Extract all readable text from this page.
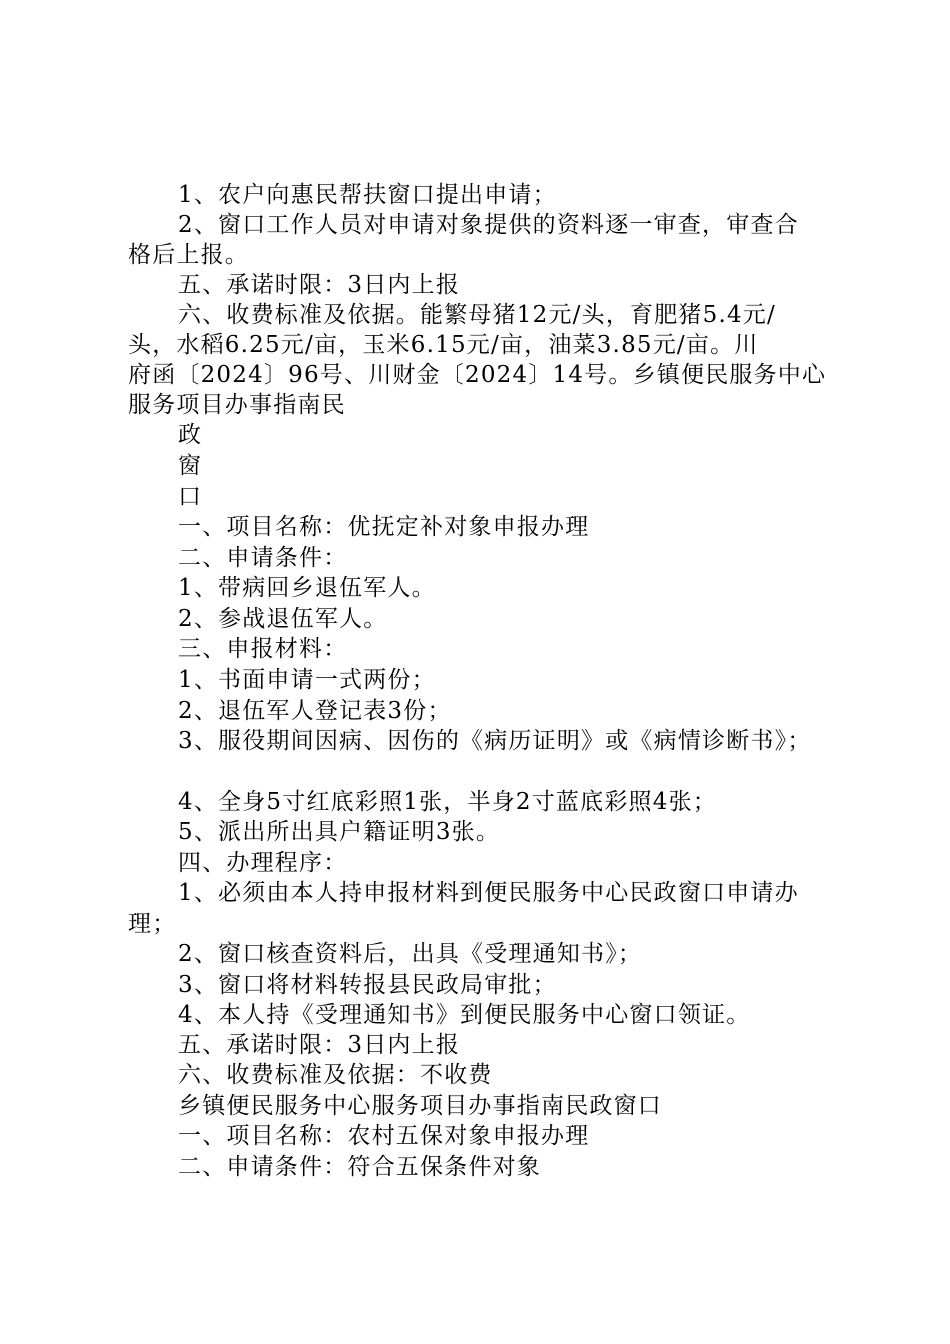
1、农户向惠民帮扶窗口提出申请；
2、窗口工作人员对申请对象提供的资料逐一审查，审查合
格后上报。
五、承诺时限：3日内上报
六、收费标准及依据。能繁母猪12元/头，育肥猪5.4元/
头，水稻6.25元/亩，玉米6.15元/亩，油菜3.85元/亩。川
府函〔2024〕96号、川财金〔2024〕14号。乡镇便民服务中心
服务项目办事指南民
政
窗
口
一、项目名称：优抚定补对象申报办理
二、申请条件：
1、带病回乡退伍军人。
2、参战退伍军人。
三、申报材料：
1、书面申请一式两份；
2、退伍军人登记表3份；
3、服役期间因病、因伤的《病历证明》或《病情诊断书》；
4、全身5寸红底彩照1张，半身2寸蓝底彩照4张；
5、派出所出具户籍证明3张。
四、办理程序：
1、必须由本人持申报材料到便民服务中心民政窗口申请办
理；
2、窗口核查资料后，出具《受理通知书》；
3、窗口将材料转报县民政局审批；
4、本人持《受理通知书》到便民服务中心窗口领证。
五、承诺时限：3日内上报
六、收费标准及依据：不收费
乡镇便民服务中心服务项目办事指南民政窗口
一、项目名称：农村五保对象申报办理
二、申请条件：符合五保条件对象
